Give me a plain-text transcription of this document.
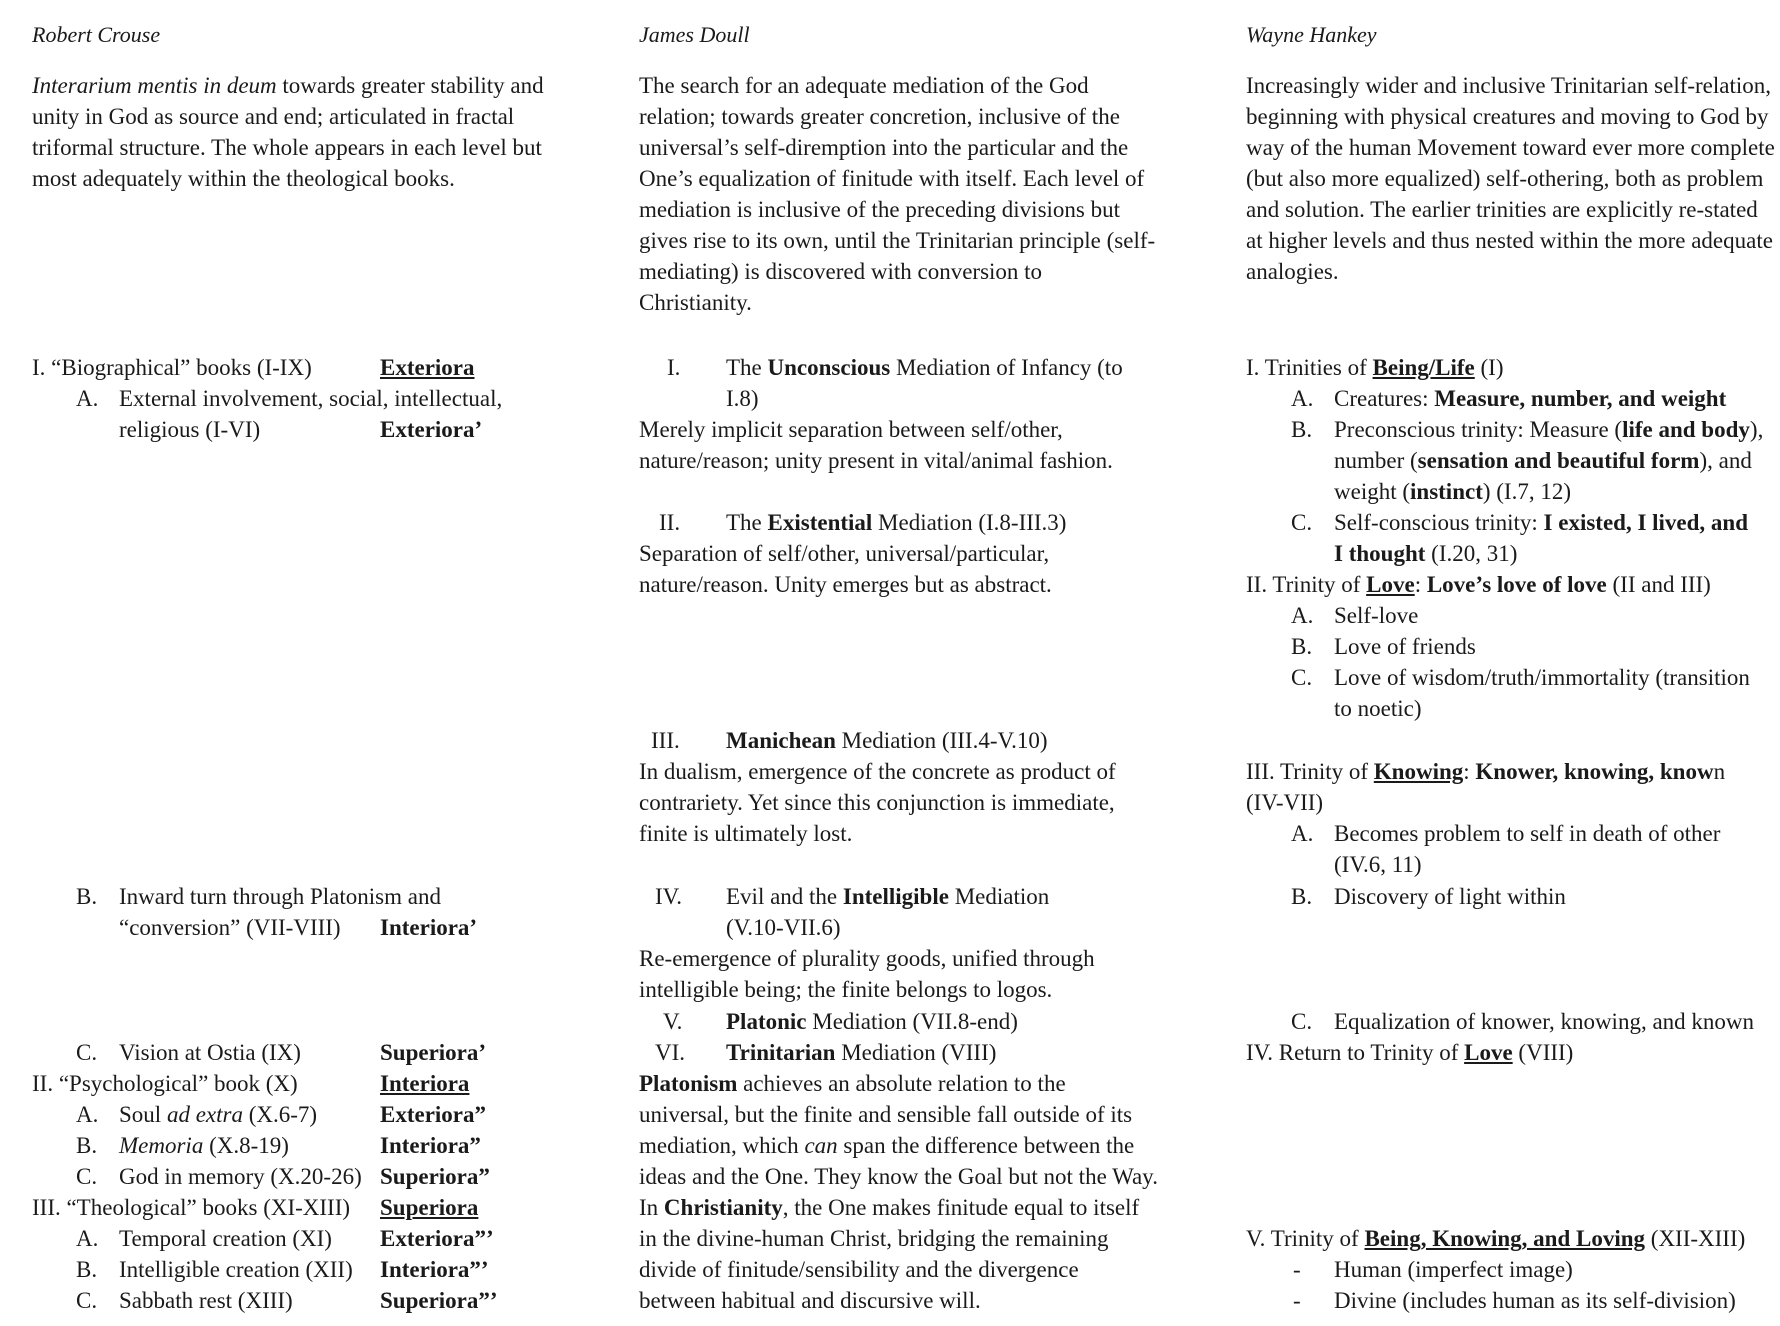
Robert Crouse
Interarium mentis in deum towards greater stability and unity in God as source and end; articulated in fractal triformal structure. The whole appears in each level but most adequately within the theological books.
I. “Biographical” books (I-IX)	Exteriora
A. External involvement, social, intellectual,
religious (I-VI)	Exteriora’
B. Inward turn through Platonism and
“conversion” (VII-VIII) Interiora’
C. Vision at Ostia (IX)	Superiora’
II. “Psychological” book (X)	Interiora
A. Soul ad extra (X.6-7)	Exteriora”
B. Memoria (X.8-19)	Interiora”
C. God in memory (X.20-26) Superiora”
III. “Theological” books (XI-XIII) Superiora
A. Temporal creation (XI) Exteriora”’
B. Intelligible creation (XII) Interiora”’
C. Sabbath rest (XIII)	Superiora”’
James Doull
The search for an adequate mediation of the God relation; towards greater concretion, inclusive of the universal’s self-diremption into the particular and the One’s equalization of finitude with itself. Each level of mediation is inclusive of the preceding divisions but gives rise to its own, until the Trinitarian principle (self-mediating) is discovered with conversion to Christianity.
I. The Unconscious Mediation of Infancy (to
I.8)
Merely implicit separation between self/other, nature/reason; unity present in vital/animal fashion.
II. The Existential Mediation (I.8-III.3)
Separation of self/other, universal/particular, nature/reason. Unity emerges but as abstract.
III. Manichean Mediation (III.4-V.10)
In dualism, emergence of the concrete as product of contrariety. Yet since this conjunction is immediate, finite is ultimately lost.
IV. Evil and the Intelligible Mediation
(V.10-VII.6)
Re-emergence of plurality goods, unified through intelligible being; the finite belongs to logos.
V. Platonic Mediation (VII.8-end)
VI. Trinitarian Mediation (VIII)
Platonism achieves an absolute relation to the universal, but the finite and sensible fall outside of its mediation, which can span the difference between the ideas and the One. They know the Goal but not the Way. In Christianity, the One makes finitude equal to itself in the divine-human Christ, bridging the remaining divide of finitude/sensibility and the divergence between habitual and discursive will.
Wayne Hankey
Increasingly wider and inclusive Trinitarian self-relation, beginning with physical creatures and moving to God by way of the human Movement toward ever more complete (but also more equalized) self-othering, both as problem and solution. The earlier trinities are explicitly re-stated at higher levels and thus nested within the more adequate analogies.
I. Trinities of Being/Life (I)
A. Creatures: Measure, number, and weight
B. Preconscious trinity: Measure (life and body),
number (sensation and beautiful form), and
weight (instinct) (I.7, 12)
C. Self-conscious trinity: I existed, I lived, and
I thought (I.20, 31)
II. Trinity of Love: Love’s love of love (II and III)
A. Self-love
B. Love of friends
C. Love of wisdom/truth/immortality (transition
to noetic)
III. Trinity of Knowing: Knower, knowing, known
(IV-VII)
A. Becomes problem to self in death of other
(IV.6, 11)
B. Discovery of light within
C. Equalization of knower, knowing, and known
IV. Return to Trinity of Love (VIII)
V. Trinity of Being, Knowing, and Loving (XII-XIII)
- Human (imperfect image)
- Divine (includes human as its self-division)
